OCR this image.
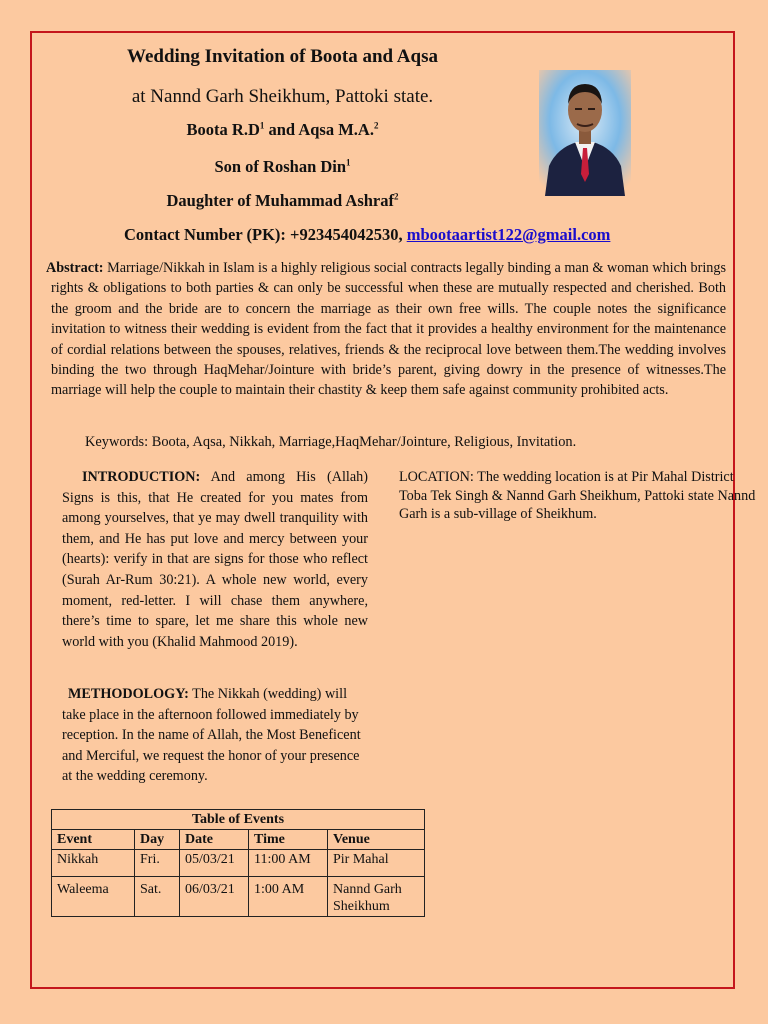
Wedding Invitation of Boota and Aqsa
at Nannd Garh Sheikhum, Pattoki state.
Boota $R.D^1$ and Aqsa M.A.$^2$
Son of Roshan Din$^1$
Daughter of Muhammad Ashraf$^2$
Contact Number (PK): +923454042530, mbootaartist122@gmail.com
Abstract: Marriage/Nikkah in Islam is a highly religious social contracts legally binding a man & woman which brings rights & obligations to both parties & can only be successful when these are mutually respected and cherished. Both the groom and the bride are to concern the marriage as their own free wills. The couple notes the significance invitation to witness their wedding is evident from the fact that it provides a healthy environment for the maintenance of cordial relations between the spouses, relatives, friends & the reciprocal love between them.The wedding involves binding the two through HaqMehar/Jointure with bride’s parent, giving dowry in the presence of witnesses.The marriage will help the couple to maintain their chastity & keep them safe against community prohibited acts.
Keywords: Boota, Aqsa, Nikkah, Marriage,HaqMehar/Jointure, Religious, Invitation.
INTRODUCTION: And among His (Allah) Signs is this, that He created for you mates from among yourselves, that ye may dwell tranquility with them, and He has put love and mercy between your (hearts): verify in that are signs for those who reflect (Surah Ar-Rum 30:21). A whole new world, every moment, red-letter. I will chase them anywhere, there’s time to spare, let me share this whole new world with you (Khalid Mahmood 2019).
METHODOLOGY: The Nikkah (wedding) will take place in the afternoon followed immediately by reception. In the name of Allah, the Most Beneficent and Merciful, we request the honor of your presence at the wedding ceremony.
LOCATION: The wedding location is at Pir Mahal District Toba Tek Singh & Nannd Garh Sheikhum, Pattoki state Nannd Garh is a sub-village of Sheikhum.
Table of Events				
Event	Day	Date	Time	Venue
Nikkah	Fri.	05/03/21	11:00 AM	Pir Mahal
Waleema	Sat.	06/03/21	1:00 AM	Nannd Garh Sheikhum
